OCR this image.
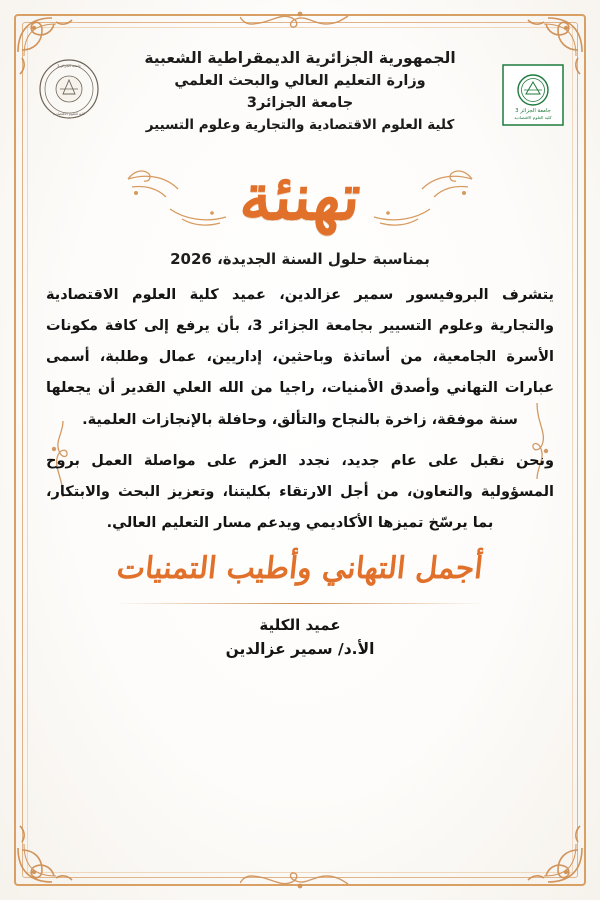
جامعة الجزائر 3
كلية العلوم الاقتصادية
جامعة الجزائر 3
كلية العلوم الاقتصادية
الجمهورية الجزائرية الديمقراطية الشعبية
وزارة التعليم العالي والبحث العلمي
جامعة الجزائر3
كلية العلوم الاقتصادية والتجارية وعلوم التسيير
تهنئة
بمناسبة حلول السنة الجديدة، 2026

يتشرف البروفيسور سمير عزالدين، عميد كلية العلوم الاقتصادية والتجارية وعلوم التسيير بجامعة الجزائر 3، بأن يرفع إلى كافة مكونات الأسرة الجامعية، من أساتذة وباحثين، إداريين، عمال وطلبة، أسمى عبارات التهاني وأصدق الأمنيات، راجيا من الله العلي القدير أن يجعلها سنة موفقة، زاخرة بالنجاح والتألق، وحافلة بالإنجازات العلمية.

ونحن نقبل على عام جديد، نجدد العزم على مواصلة العمل بروح المسؤولية والتعاون، من أجل الارتقاء بكليتنا، وتعزيز البحث والابتكار، بما يرسّخ تميزها الأكاديمي ويدعم مسار التعليم العالي.

أجمل التهاني وأطيب التمنيات
عميد الكلية
الأ.د/ سمير عزالدين
